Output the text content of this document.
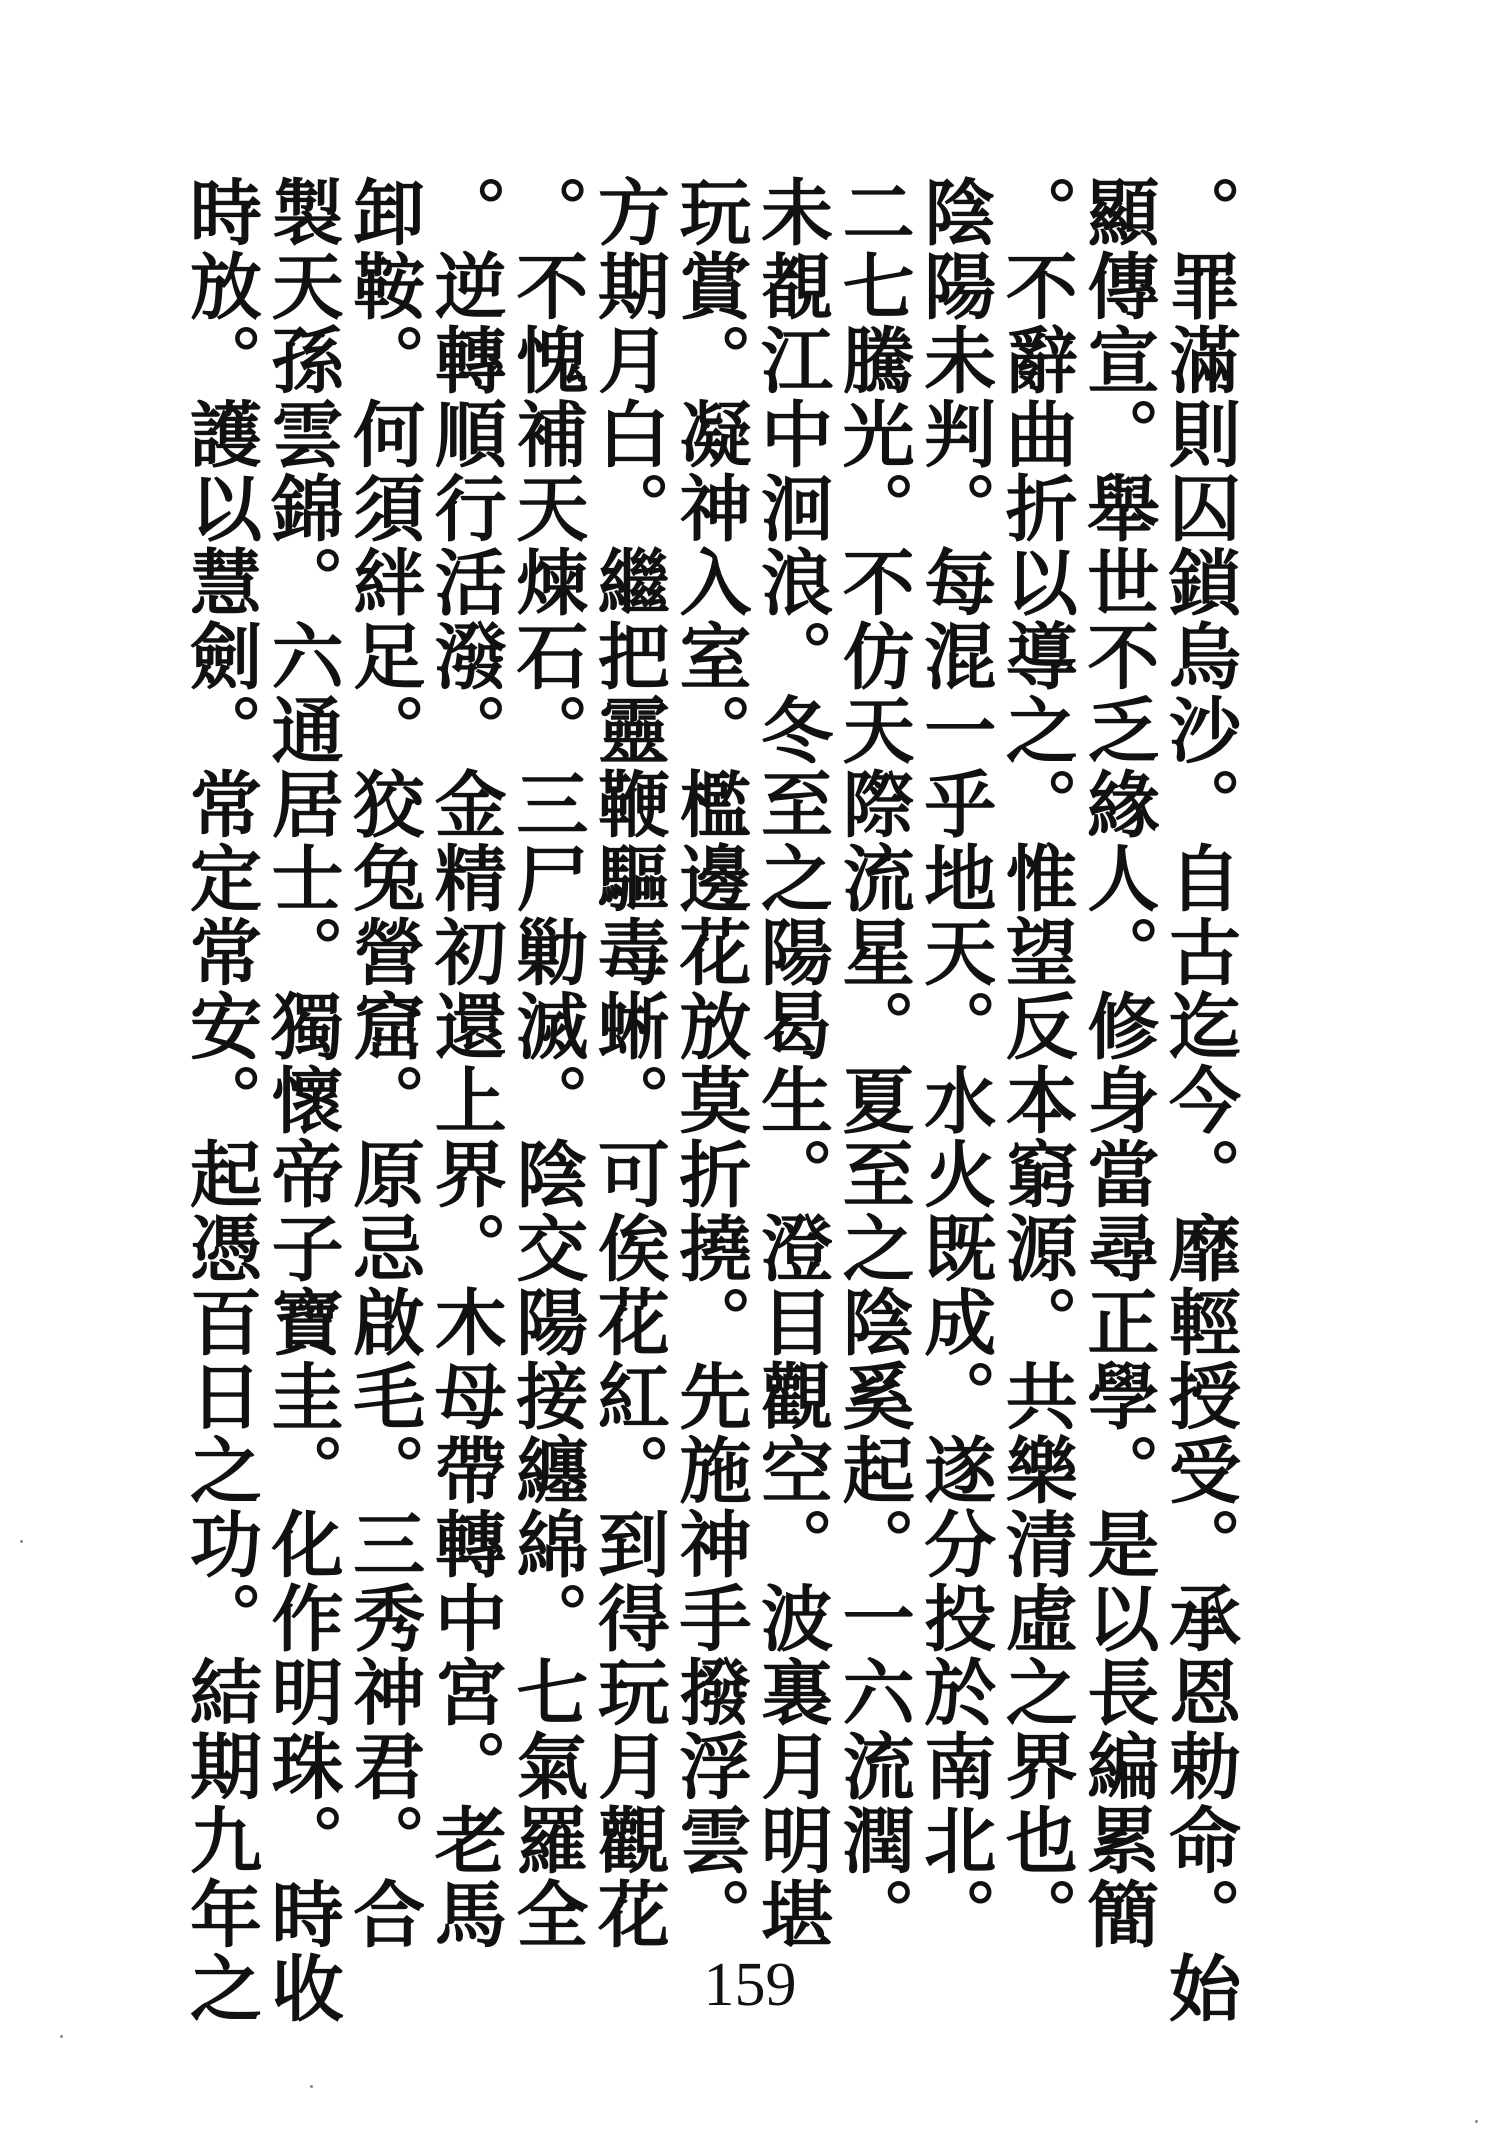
。罪滿則囚鎖烏沙。自古迄今。靡輕授受。承恩勅命。始
顯傳宣。舉世不乏緣人。修身當尋正學。是以長編累簡
。不辭曲折以導之。惟望反本窮源。共樂清虛之界也。
陰陽未判。每混一乎地天。水火既成。遂分投於南北。
二七騰光。不仿天際流星。夏至之陰奚起。一六流潤。
未覩江中洄浪。冬至之陽曷生。澄目觀空。波裏月明堪
玩賞。凝神入室。檻邊花放莫折撓。先施神手撥浮雲。
方期月白。繼把靈鞭驅毒蜥。可俟花紅。到得玩月觀花
。不愧補天煉石。三尸勦滅。陰交陽接纏綿。七氣羅全
。逆轉順行活潑。金精初還上界。木母帶轉中宮。老馬
卸鞍。何須絆足。狡兔營窟。原忌啟毛。三秀神君。合
製天孫雲錦。六通居士。獨懷帝子寶圭。化作明珠。時收
時放。護以慧劍。常定常安。起憑百日之功。結期九年之	159
